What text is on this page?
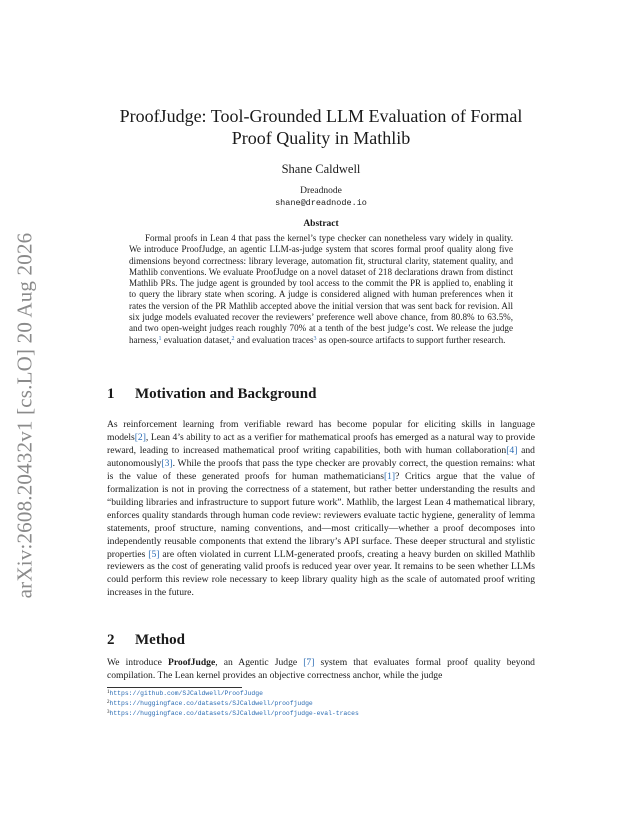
arXiv:2608.20432v1 [cs.LO] 20 Aug 2026
ProofJudge: Tool-Grounded LLM Evaluation of Formal Proof Quality in Mathlib
Shane Caldwell
Dreadnode
shane@dreadnode.io
Abstract
Formal proofs in Lean 4 that pass the kernel’s type checker can nonetheless vary widely in quality. We introduce ProofJudge, an agentic LLM-as-judge system that scores formal proof quality along five dimensions beyond correctness: library leverage, automation fit, structural clarity, statement quality, and Mathlib conventions. We evaluate ProofJudge on a novel dataset of 218 declarations drawn from distinct Mathlib PRs. The judge agent is grounded by tool access to the commit the PR is applied to, enabling it to query the library state when scoring. A judge is considered aligned with human preferences when it rates the version of the PR Mathlib accepted above the initial version that was sent back for revision. All six judge models evaluated recover the reviewers’ preference well above chance, from 80.8% to 63.5%, and two open-weight judges reach roughly 70% at a tenth of the best judge’s cost. We release the judge harness,$^1$ evaluation dataset,$^2$ and evaluation traces$^3$ as open-source artifacts to support further research.
1 Motivation and Background
As reinforcement learning from verifiable reward has become popular for eliciting skills in language models[2], Lean 4’s ability to act as a verifier for mathematical proofs has emerged as a natural way to provide reward, leading to increased mathematical proof writing capabilities, both with human collaboration[4] and autonomously[3]. While the proofs that pass the type checker are provably correct, the question remains: what is the value of these generated proofs for human mathematicians[1]? Critics argue that the value of formalization is not in proving the correctness of a statement, but rather better understanding the results and “building libraries and infrastructure to support future work”. Mathlib, the largest Lean 4 mathematical library, enforces quality standards through human code review: reviewers evaluate tactic hygiene, generality of lemma statements, proof structure, naming conventions, and—most critically—whether a proof decomposes into independently reusable components that extend the library’s API surface. These deeper structural and stylistic properties [5] are often violated in current LLM-generated proofs, creating a heavy burden on skilled Mathlib reviewers as the cost of generating valid proofs is reduced year over year. It remains to be seen whether LLMs could perform this review role necessary to keep library quality high as the scale of automated proof writing increases in the future.
2 Method
We introduce ProofJudge, an Agentic Judge [7] system that evaluates formal proof quality beyond compilation. The Lean kernel provides an objective correctness anchor, while the judge
$^1$https://github.com/SJCaldwell/ProofJudge
$^2$https://huggingface.co/datasets/SJCaldwell/proofjudge
$^3$https://huggingface.co/datasets/SJCaldwell/proofjudge-eval-traces
